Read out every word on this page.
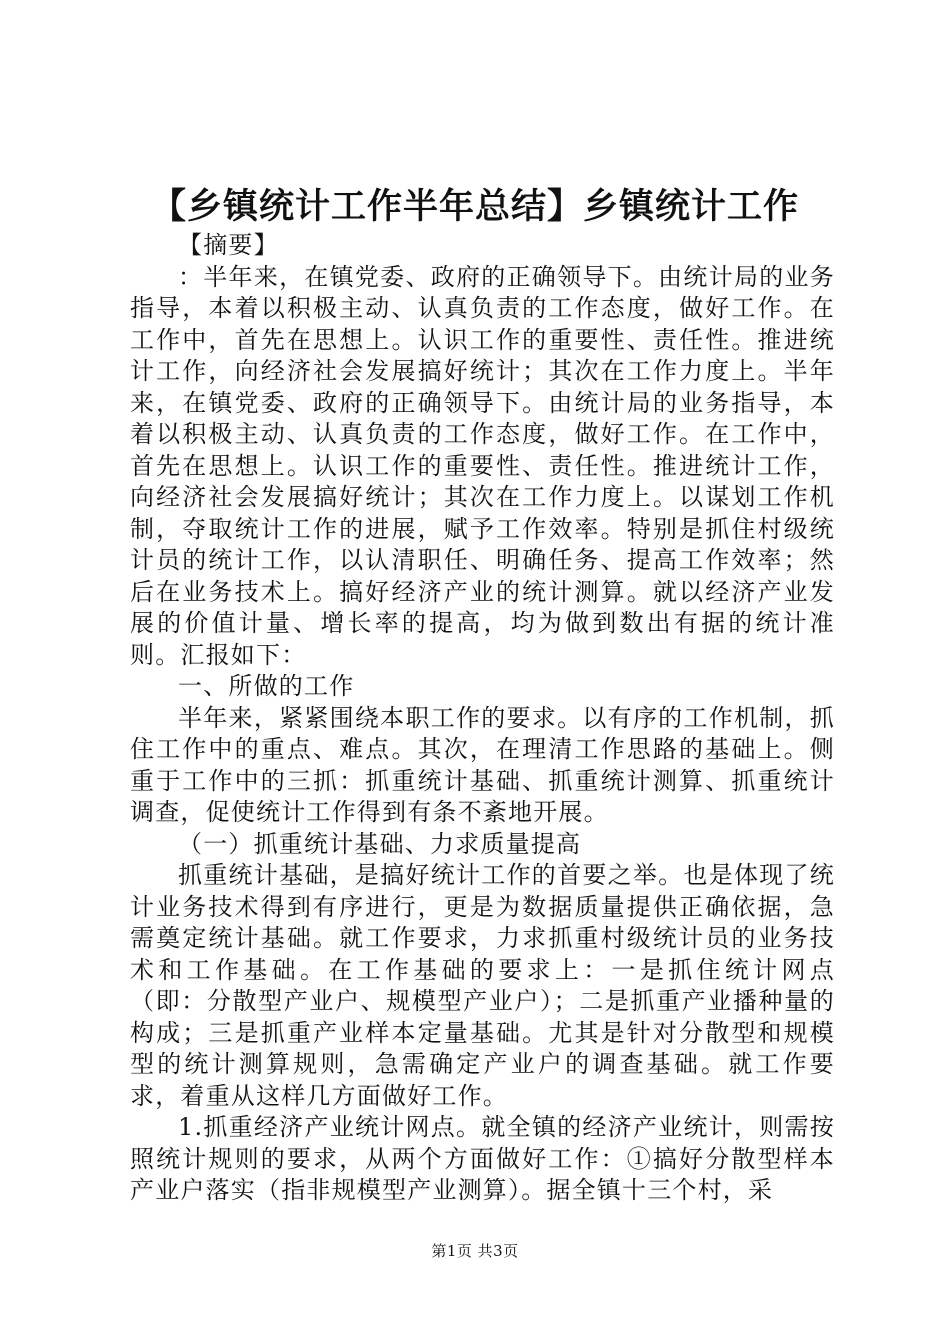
【乡镇统计工作半年总结】乡镇统计工作

【摘要】

：半年来，在镇党委、政府的正确领导下。由统计局的业务指导，本着以积极主动、认真负责的工作态度，做好工作。在工作中，首先在思想上。认识工作的重要性、责任性。推进统计工作，向经济社会发展搞好统计；其次在工作力度上。半年来，在镇党委、政府的正确领导下。由统计局的业务指导，本着以积极主动、认真负责的工作态度，做好工作。在工作中，首先在思想上。认识工作的重要性、责任性。推进统计工作，向经济社会发展搞好统计；其次在工作力度上。以谋划工作机制，夺取统计工作的进展，赋予工作效率。特别是抓住村级统计员的统计工作，以认清职任、明确任务、提高工作效率；然后在业务技术上。搞好经济产业的统计测算。就以经济产业发展的价值计量、增长率的提高，均为做到数出有据的统计准则。汇报如下：

一、所做的工作

半年来，紧紧围绕本职工作的要求。以有序的工作机制，抓住工作中的重点、难点。其次，在理清工作思路的基础上。侧重于工作中的三抓：抓重统计基础、抓重统计测算、抓重统计调查，促使统计工作得到有条不紊地开展。

（一）抓重统计基础、力求质量提高

抓重统计基础，是搞好统计工作的首要之举。也是体现了统计业务技术得到有序进行，更是为数据质量提供正确依据，急需奠定统计基础。就工作要求，力求抓重村级统计员的业务技术和工作基础。在工作基础的要求上：一是抓住统计网点（即：分散型产业户、规模型产业户）；二是抓重产业播种量的构成；三是抓重产业样本定量基础。尤其是针对分散型和规模型的统计测算规则，急需确定产业户的调查基础。就工作要求，着重从这样几方面做好工作。

1.抓重经济产业统计网点。就全镇的经济产业统计，则需按照统计规则的要求，从两个方面做好工作：①搞好分散型样本产业户落实（指非规模型产业测算）。据全镇十三个村，采

第1页 共3页
